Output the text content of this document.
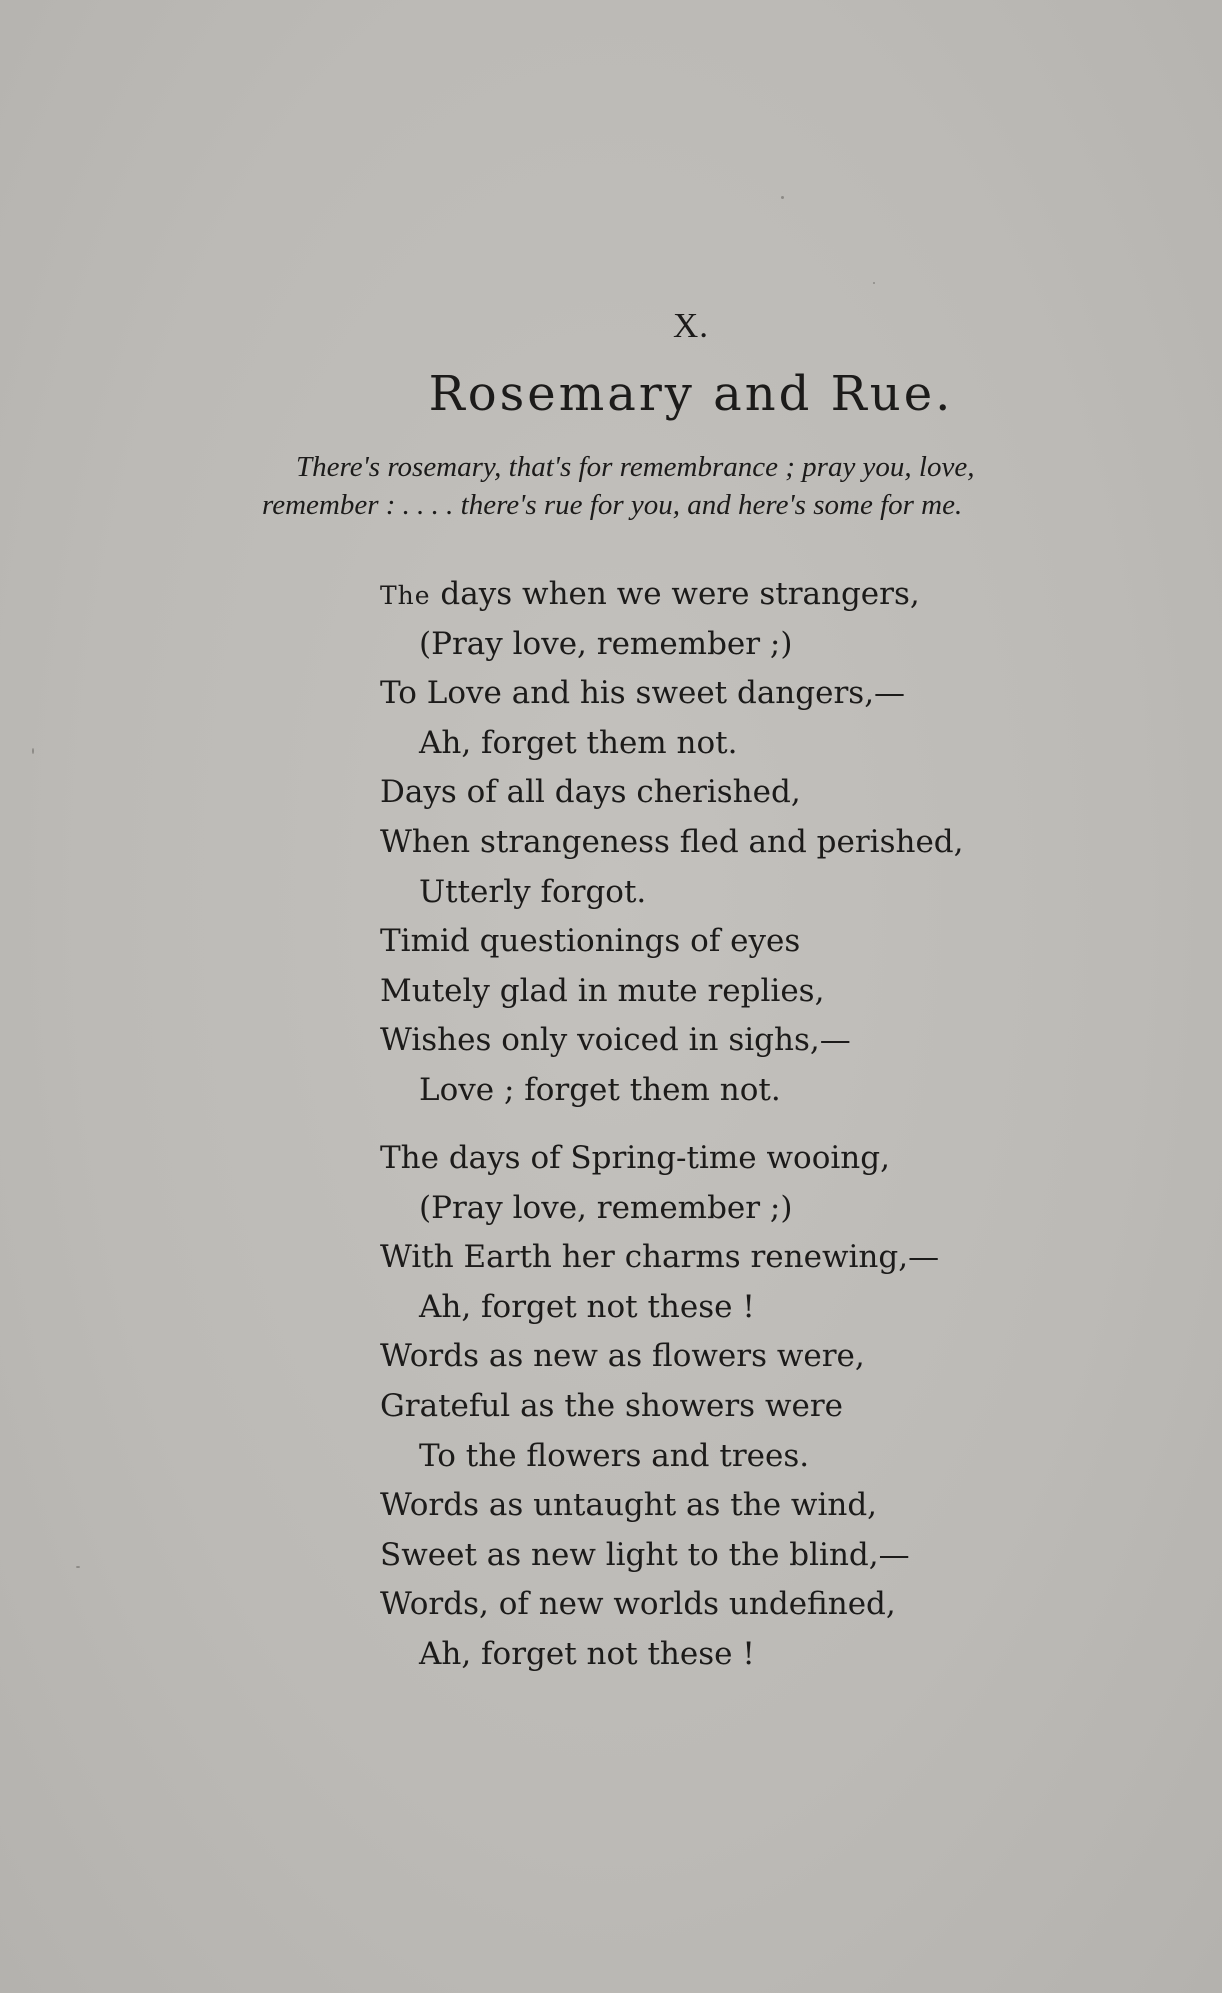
X.
Rosemary and Rue.
There's rosemary, that's for remembrance ; pray you, love,
remember : . . . . there's rue for you, and here's some for me.
The days when we were strangers,
(Pray love, remember ;)
To Love and his sweet dangers,—
Ah, forget them not.
Days of all days cherished,
When strangeness fled and perished,
Utterly forgot.
Timid questionings of eyes
Mutely glad in mute replies,
Wishes only voiced in sighs,—
Love ; forget them not.
The days of Spring-time wooing,
(Pray love, remember ;)
With Earth her charms renewing,—
Ah, forget not these !
Words as new as flowers were,
Grateful as the showers were
To the flowers and trees.
Words as untaught as the wind,
Sweet as new light to the blind,—
Words, of new worlds undefined,
Ah, forget not these !
